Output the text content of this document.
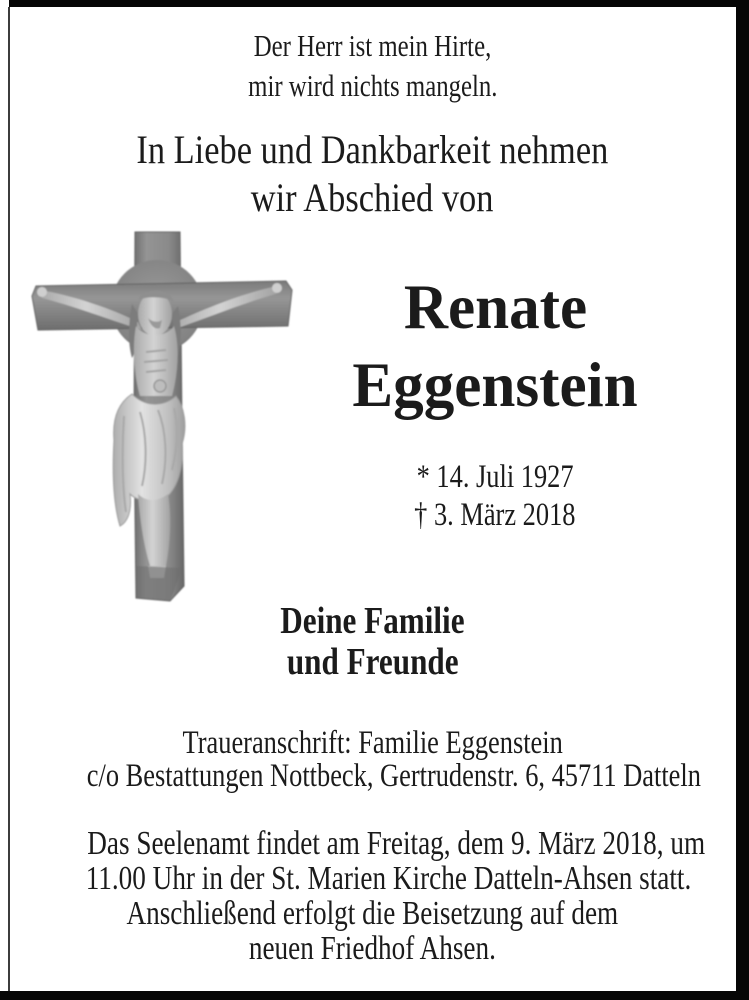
Der Herr ist mein Hirte,
mir wird nichts mangeln.
In Liebe und Dankbarkeit nehmen
wir Abschied von
Renate
Eggenstein
* 14. Juli 1927
† 3. März 2018
Deine Familie
und Freunde
Traueranschrift: Familie Eggenstein
c/o Bestattungen Nottbeck, Gertrudenstr. 6, 45711 Datteln
Das Seelenamt findet am Freitag, dem 9. März 2018, um
11.00 Uhr in der St. Marien Kirche Datteln-Ahsen statt.
Anschließend erfolgt die Beisetzung auf dem
neuen Friedhof Ahsen.
